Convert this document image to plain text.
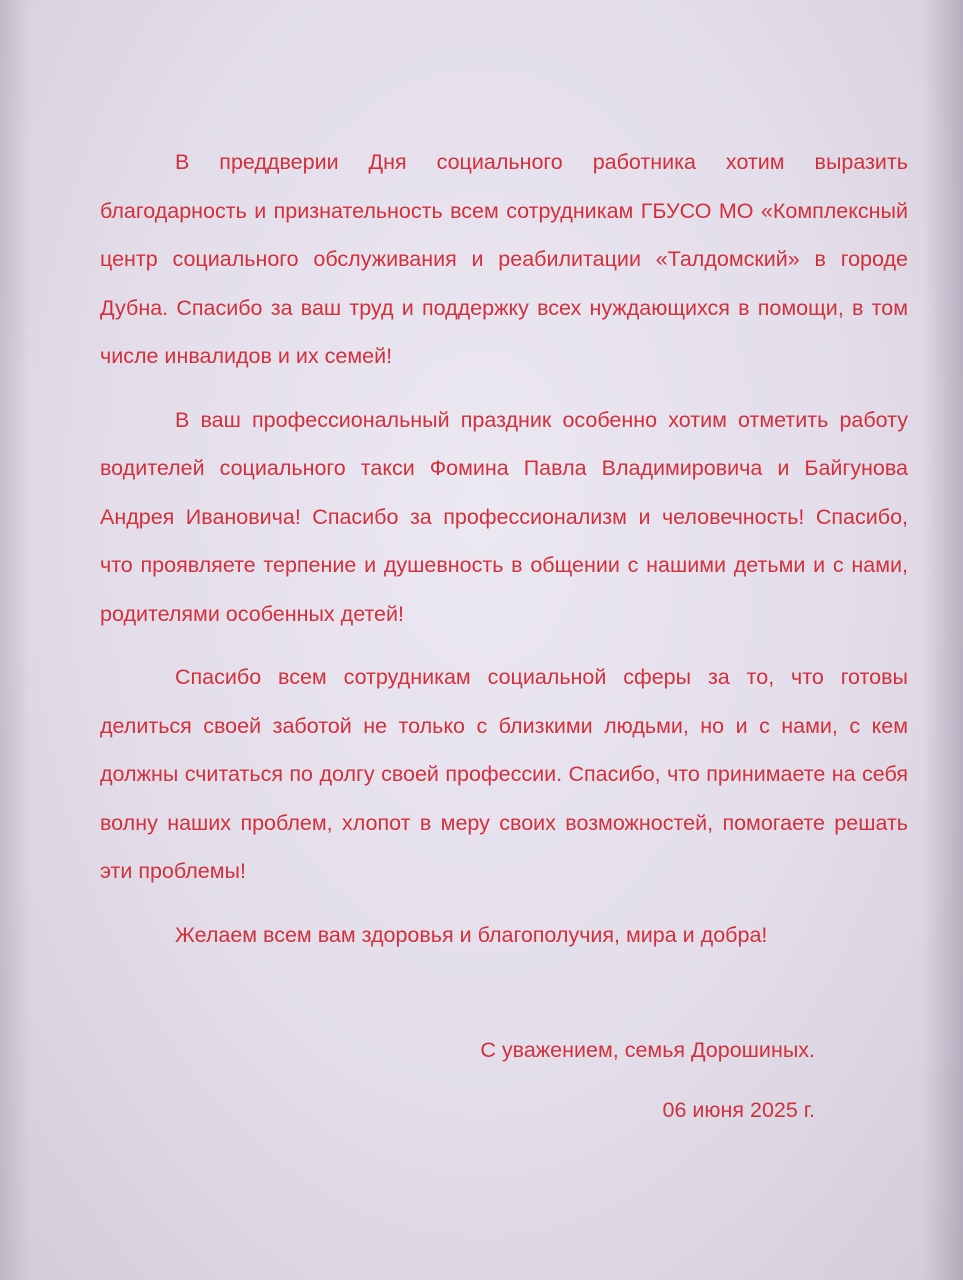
В преддверии Дня социального работника хотим выразить благодарность и признательность всем сотрудникам ГБУСО МО «Комплексный центр социального обслуживания и реабилитации «Талдомский» в городе Дубна. Спасибо за ваш труд и поддержку всех нуждающихся в помощи, в том числе инвалидов и их семей!

В ваш профессиональный праздник особенно хотим отметить работу водителей социального такси Фомина Павла Владимировича и Байгунова Андрея Ивановича! Спасибо за профессионализм и человечность! Спасибо, что проявляете терпение и душевность в общении с нашими детьми и с нами, родителями особенных детей!

Спасибо всем сотрудникам социальной сферы за то, что готовы делиться своей заботой не только с близкими людьми, но и с нами, с кем должны считаться по долгу своей профессии. Спасибо, что принимаете на себя волну наших проблем, хлопот в меру своих возможностей, помогаете решать эти проблемы!

Желаем всем вам здоровья и благополучия, мира и добра!

С уважением, семья Дорошиных.
06 июня 2025 г.
